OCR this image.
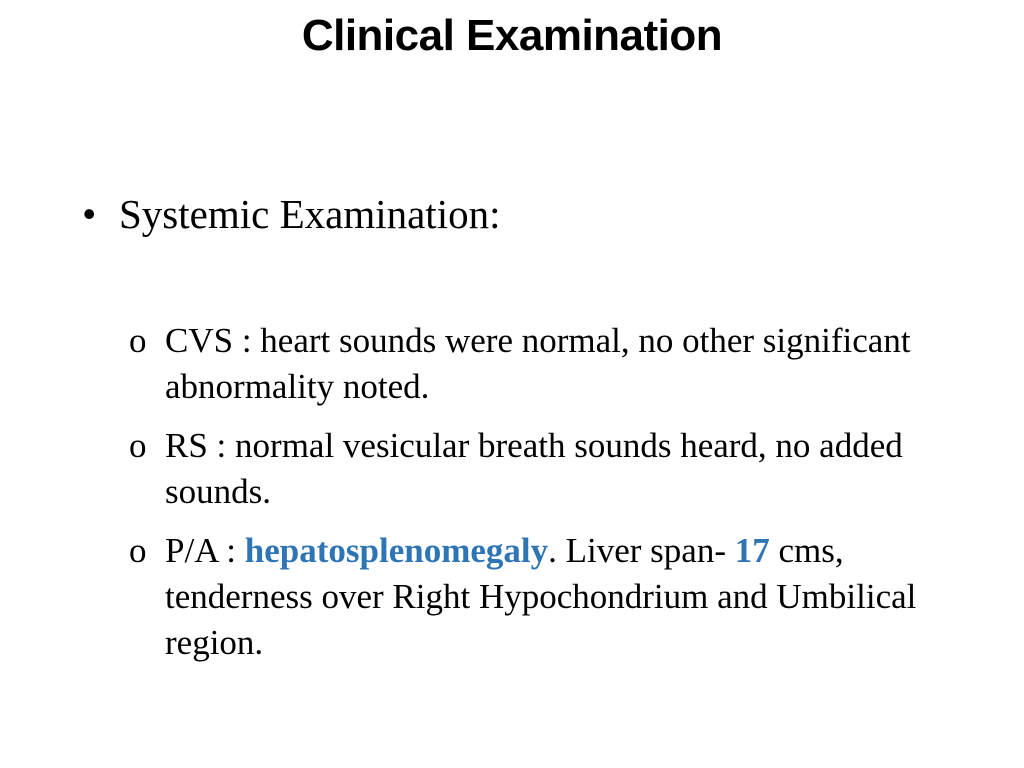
Clinical Examination
• Systemic Examination:
o CVS : heart sounds were normal, no other significant abnormality noted.
o RS : normal vesicular breath sounds heard, no added sounds.
o P/A : hepatosplenomegaly. Liver span- 17 cms, tenderness over Right Hypochondrium and Umbilical region.
